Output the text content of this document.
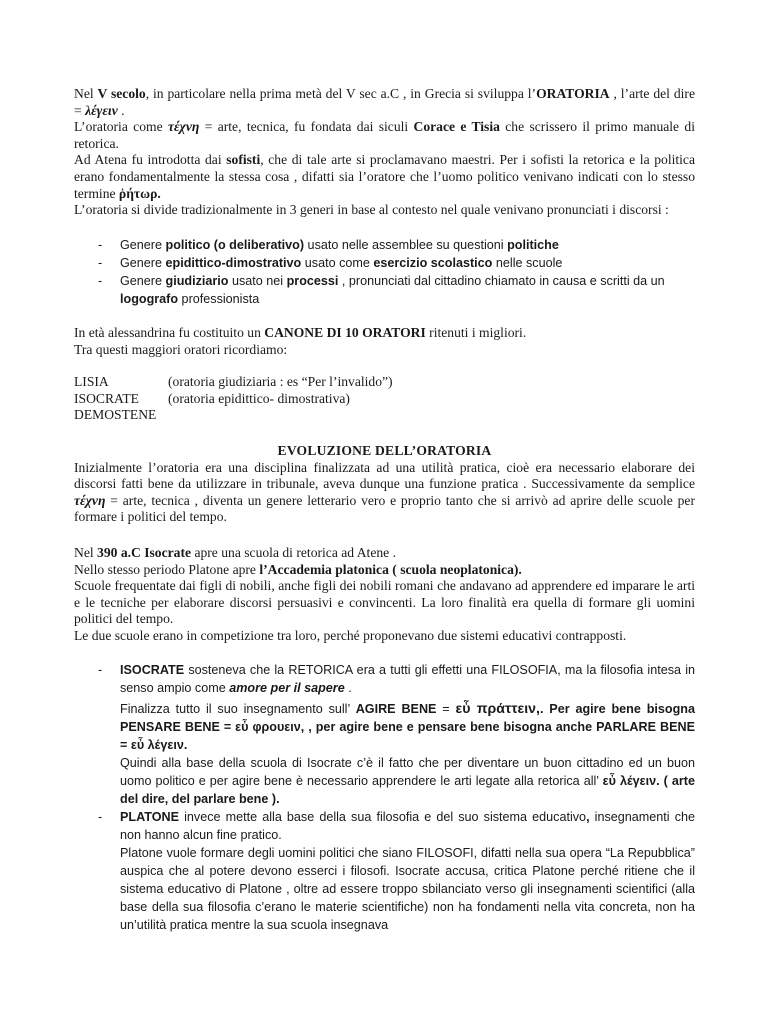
Nel V secolo, in particolare nella prima metà del V sec a.C , in Grecia si sviluppa l’ORATORIA , l’arte del dire = λέγειν .
L’oratoria come τέχνη = arte, tecnica, fu fondata dai siculi Corace e Tisia che scrissero il primo manuale di retorica.
Ad Atena fu introdotta dai sofisti, che di tale arte si proclamavano maestri. Per i sofisti la retorica e la politica erano fondamentalmente la stessa cosa , difatti sia l’oratore che l’uomo politico venivano indicati con lo stesso termine ῥήτωρ.
L’oratoria si divide tradizionalmente in 3 generi in base al contesto nel quale venivano pronunciati i discorsi :
- Genere politico (o deliberativo) usato nelle assemblee su questioni politiche
- Genere epidittico-dimostrativo usato come esercizio scolastico nelle scuole
- Genere giudiziario usato nei processi , pronunciati dal cittadino chiamato in causa e scritti da un logografo professionista
In età alessandrina fu costituito un CANONE DI 10 ORATORI ritenuti i migliori.
Tra questi maggiori oratori ricordiamo:
LISIA	(oratoria giudiziaria : es “Per l’invalido”)
ISOCRATE	(oratoria epidittico- dimostrativa)
DEMOSTENE	
EVOLUZIONE DELL’ORATORIA
Inizialmente l’oratoria era una disciplina finalizzata ad una utilità pratica, cioè era necessario elaborare dei discorsi fatti bene da utilizzare in tribunale, aveva dunque una funzione pratica . Successivamente da semplice τέχνη = arte, tecnica , diventa un genere letterario vero e proprio tanto che si arrivò ad aprire delle scuole per formare i politici del tempo.
Nel 390 a.C Isocrate apre una scuola di retorica ad Atene .
Nello stesso periodo Platone apre l’Accademia platonica ( scuola neoplatonica).
Scuole frequentate dai figli di nobili, anche figli dei nobili romani che andavano ad apprendere ed imparare le arti e le tecniche per elaborare discorsi persuasivi e convincenti. La loro finalità era quella di formare gli uomini politici del tempo.
Le due scuole erano in competizione tra loro, perché proponevano due sistemi educativi contrapposti.
- ISOCRATE sosteneva che la RETORICA era a tutti gli effetti una FILOSOFIA, ma la filosofia intesa in senso ampio come amore per il sapere .
Finalizza tutto il suo insegnamento sull’ AGIRE BENE = εὖ πράττειν,. Per agire bene bisogna PENSARE BENE = εὖ φρουειν, , per agire bene e pensare bene bisogna anche PARLARE BENE = εὖ λέγειν.
Quindi alla base della scuola di Isocrate c’è il fatto che per diventare un buon cittadino ed un buon uomo politico e per agire bene è necessario apprendere le arti legate alla retorica all’ εὖ λέγειν. ( arte del dire, del parlare bene ).
- PLATONE invece mette alla base della sua filosofia e del suo sistema educativo, insegnamenti che non hanno alcun fine pratico.
Platone vuole formare degli uomini politici che siano FILOSOFI, difatti nella sua opera “La Repubblica” auspica che al potere devono esserci i filosofi. Isocrate accusa, critica Platone perché ritiene che il sistema educativo di Platone , oltre ad essere troppo sbilanciato verso gli insegnamenti scientifici (alla base della sua filosofia c’erano le materie scientifiche) non ha fondamenti nella vita concreta, non ha un’utilità pratica mentre la sua scuola insegnava
